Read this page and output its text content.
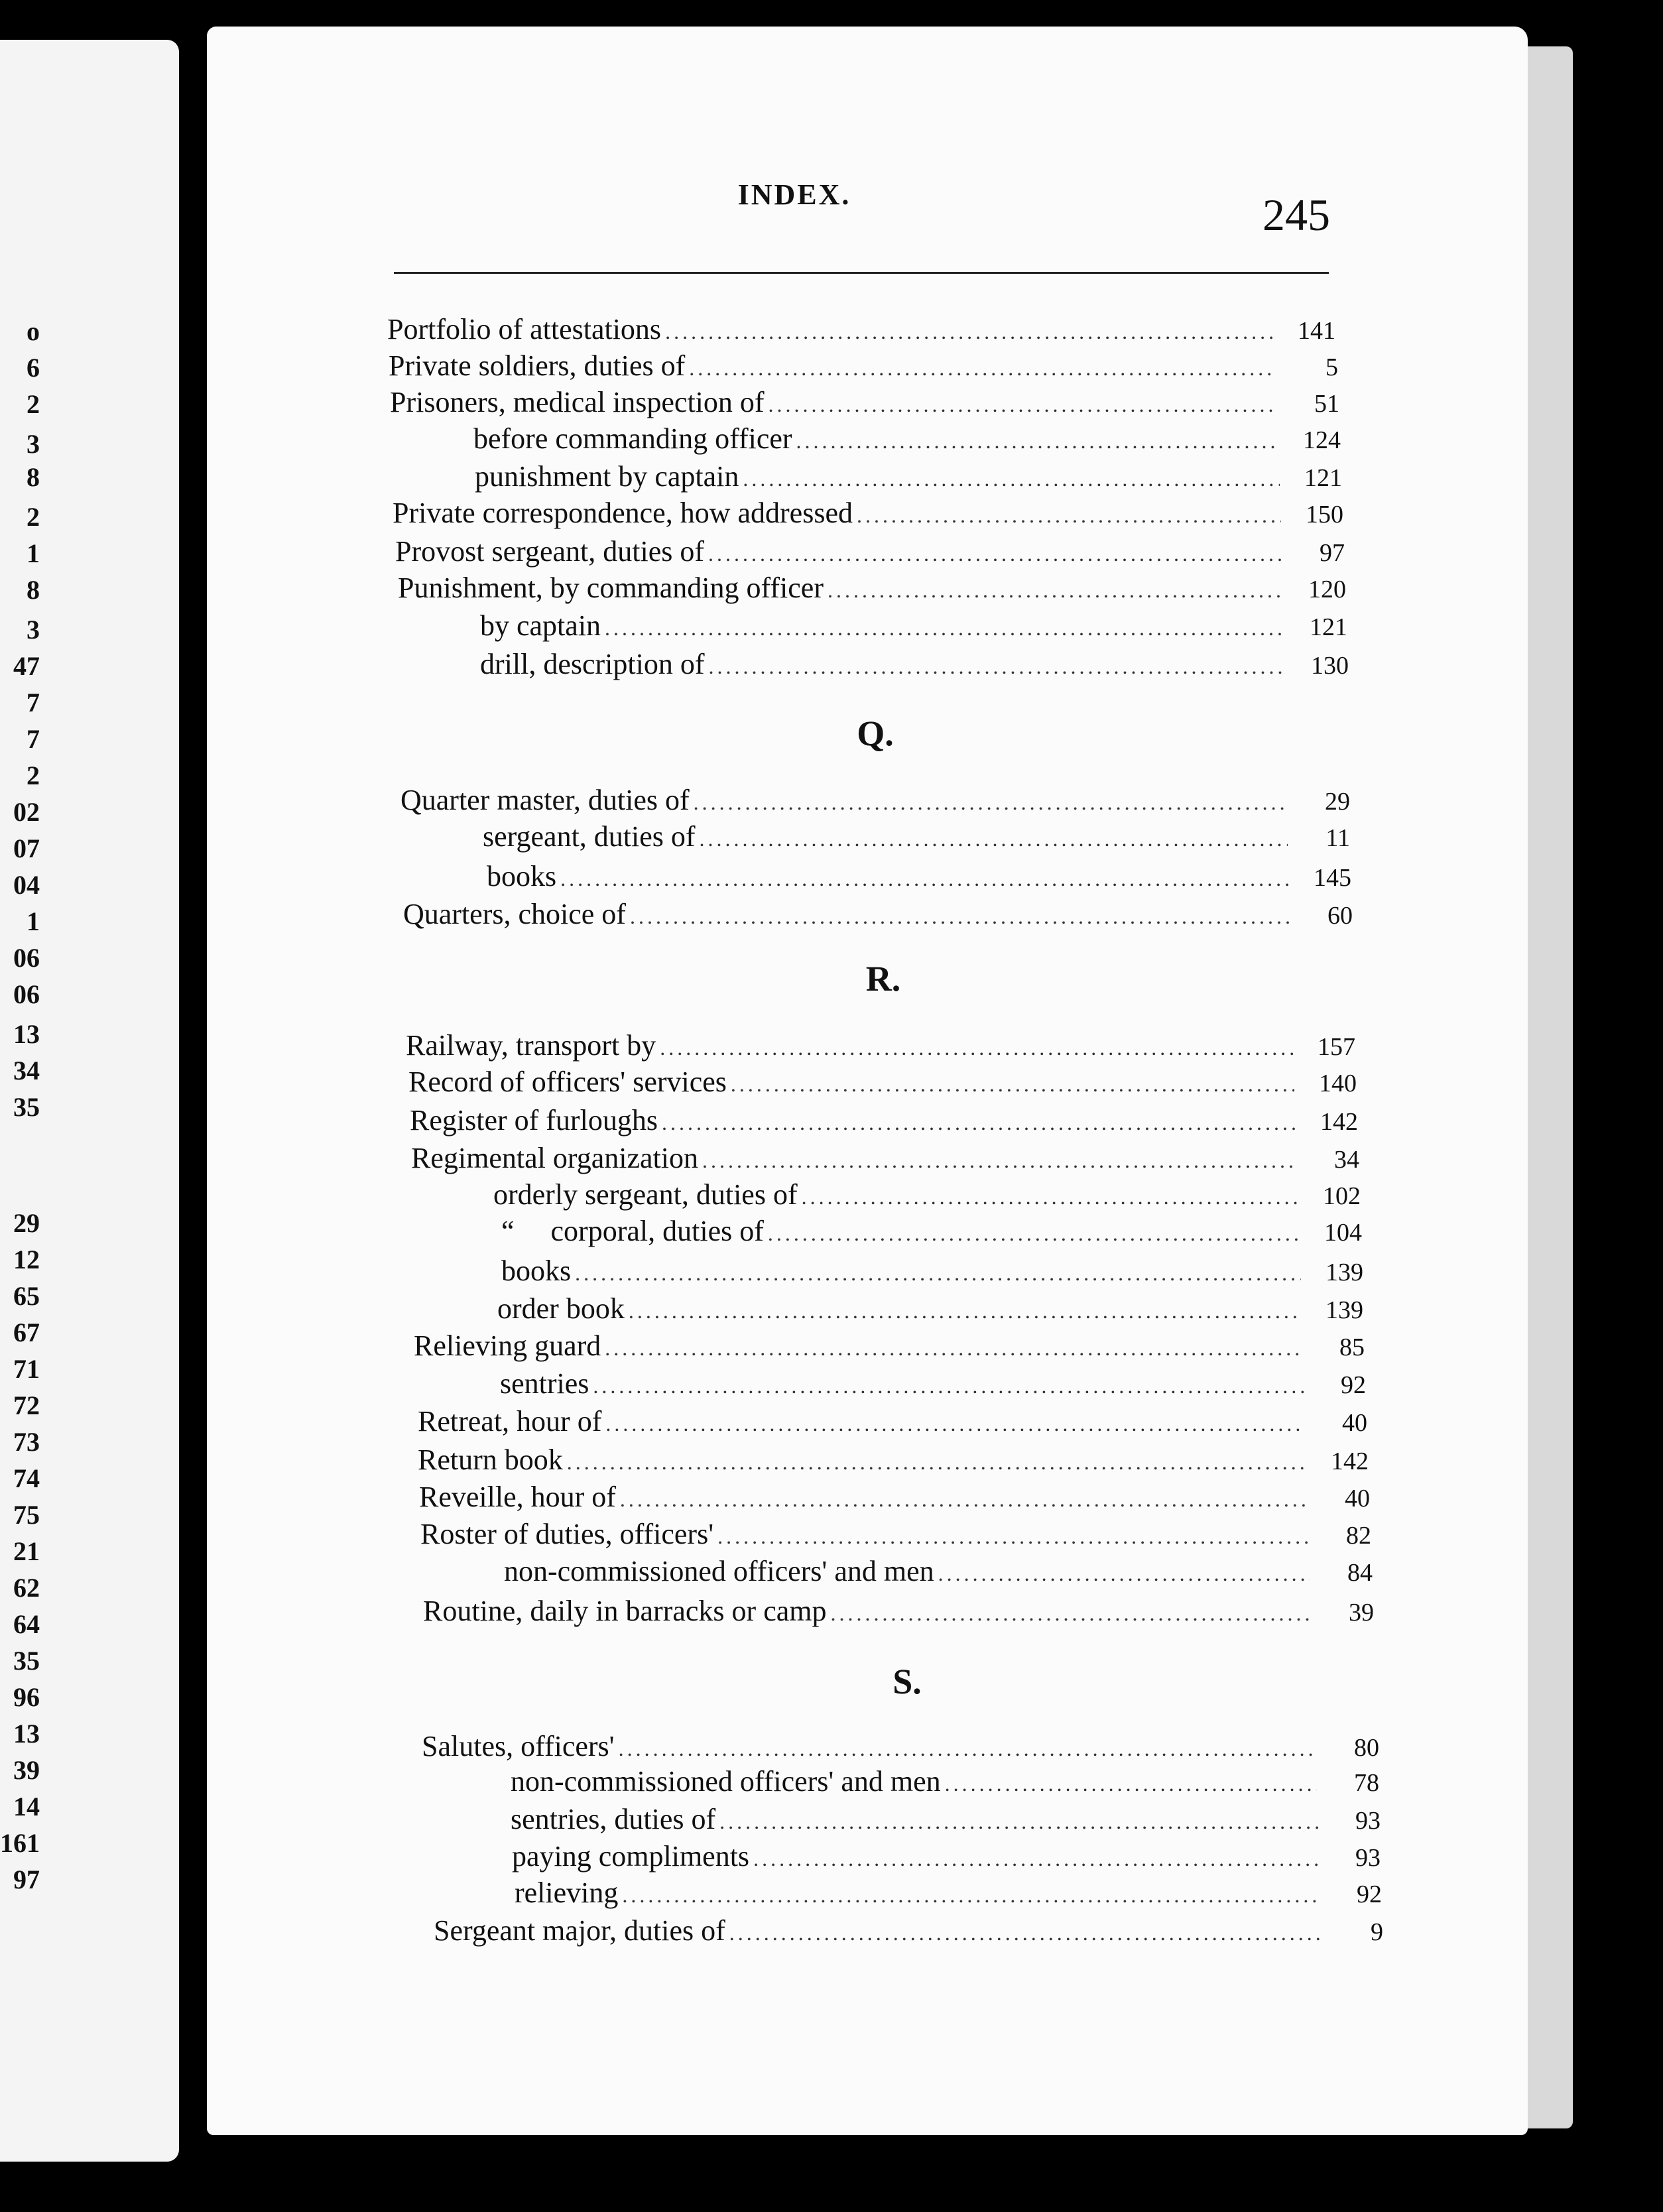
o
6
2
3
8
2
1
8
3
47
7
7
2
02
07
04
1
06
06
13
34
35
29
12
65
67
71
72
73
74
75
21
62
64
35
96
13
39
14
161
97
INDEX.	245
Portfolio of attestations .....	141
Private soldiers, duties of .....	5
Prisoners, medical inspection of .....	51
before commanding officer .....	124
punishment by captain .....	121
Private correspondence, how addressed .....	150
Provost sergeant, duties of .....	97
Punishment, by commanding officer .....	120
by captain .....	121
drill, description of .....	130
Q.
Quarter master, duties of .....	29
sergeant, duties of .....	11
books .....	145
Quarters, choice of .....	60
R.
Railway, transport by .....	157
Record of officers' services .....	140
Register of furloughs .....	142
Regimental organization .....	34
orderly sergeant, duties of .....	102
“     corporal, duties of .....	104
books .....	139
order book .....	139
Relieving guard .....	85
sentries .....	92
Retreat, hour of .....	40
Return book .....	142
Reveille, hour of .....	40
Roster of duties, officers' .....	82
non-commissioned officers' and men .....	84
Routine, daily in barracks or camp .....	39
S.
Salutes, officers' .....	80
non-commissioned officers' and men .....	78
sentries, duties of .....	93
paying compliments .....	93
relieving .....	92
Sergeant major, duties of .....	9
